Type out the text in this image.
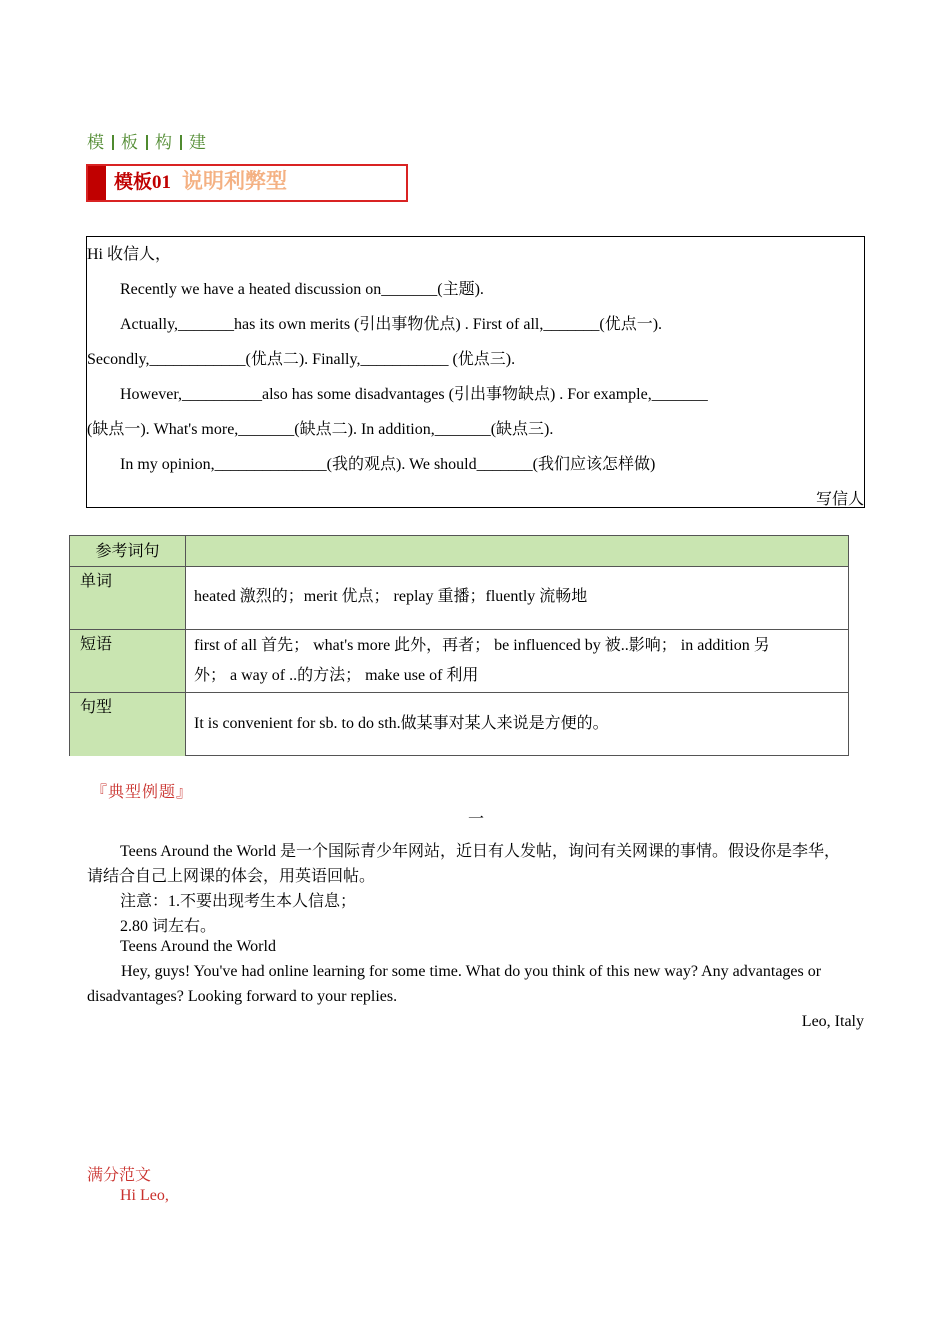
模 板 构 建
模板01 说明利弊型
Hi 收信人，
Recently we have a heated discussion on_______(主题).
Actually,_______has its own merits (引出事物优点) . First of all,_______(优点一).
Secondly,____________(优点二). Finally,___________ (优点三).
However,__________also has some disadvantages (引出事物缺点) . For example,_______
(缺点一). What's more,_______(缺点二). In addition,_______(缺点三).
In my opinion,______________(我的观点). We should_______(我们应该怎样做)
写信人
参考词句
单词
短语
句型
heated 激烈的；merit 优点； replay 重播；fluently 流畅地
first of all 首先； what's more 此外，再者； be influenced by 被..影响； in addition 另
外； a way of ..的方法； make use of 利用
It is convenient for sb. to do sth.做某事对某人来说是方便的。
『典型例题』
一
Teens Around the World 是一个国际青少年网站，近日有人发帖，询问有关网课的事情。假设你是李华，
请结合自己上网课的体会，用英语回帖。
注意：1.不要出现考生本人信息；
2.80 词左右。
Teens Around the World
Hey, guys! You've had online learning for some time. What do you think of this new way? Any advantages or
disadvantages? Looking forward to your replies.
Leo, Italy
满分范文
Hi Leo,
